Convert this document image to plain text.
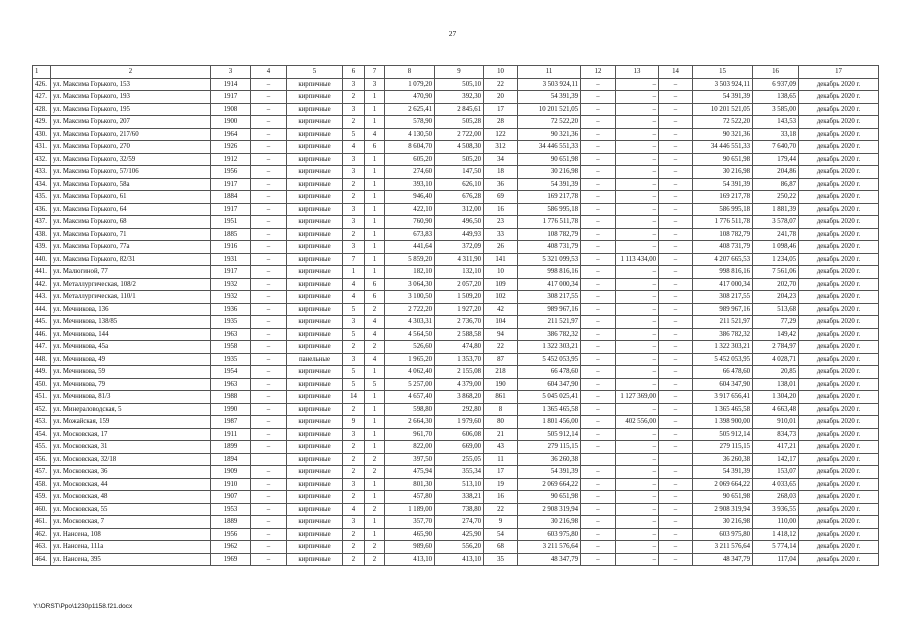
27
1	2	3	4	5	6	7	8	9	10	11	12	13	14	15	16	17
426.	ул. Максима Горького, 153	1914	–	кирпичные	3	3	1 079,20	505,10	22	3 503 924,11	–	–	–	3 503 924,11	6 937,09	декабрь 2020 г.
427.	ул. Максима Горького, 193	1917	–	кирпичные	2	1	470,90	392,30	20	54 391,39	–	–	–	54 391,39	138,65	декабрь 2020 г.
428.	ул. Максима Горького, 195	1908	–	кирпичные	3	1	2 625,41	2 845,61	17	10 201 521,05	–	–	–	10 201 521,05	3 585,00	декабрь 2020 г.
429.	ул. Максима Горького, 207	1900	–	кирпичные	2	1	578,90	505,28	28	72 522,20	–	–	–	72 522,20	143,53	декабрь 2020 г.
430.	ул. Максима Горького, 217/60	1964	–	кирпичные	5	4	4 130,50	2 722,00	122	90 321,36	–	–	–	90 321,36	33,18	декабрь 2020 г.
431.	ул. Максима Горького, 270	1926	–	кирпичные	4	6	8 604,70	4 508,30	312	34 446 551,33	–	–	–	34 446 551,33	7 640,70	декабрь 2020 г.
432.	ул. Максима Горького, 32/59	1912	–	кирпичные	3	1	605,20	505,20	34	90 651,98	–	–	–	90 651,98	179,44	декабрь 2020 г.
433.	ул. Максима Горького, 57/106	1956	–	кирпичные	3	1	274,60	147,50	18	30 216,98	–	–	–	30 216,98	204,86	декабрь 2020 г.
434.	ул. Максима Горького, 58а	1917	–	кирпичные	2	1	393,10	626,10	36	54 391,39	–	–	–	54 391,39	86,87	декабрь 2020 г.
435.	ул. Максима Горького, 61	1884	–	кирпичные	2	1	946,40	676,28	69	169 217,78	–	–	–	169 217,78	250,22	декабрь 2020 г.
436.	ул. Максима Горького, 64	1917	–	кирпичные	3	1	422,10	312,00	16	586 995,18	–	–	–	586 995,18	1 881,39	декабрь 2020 г.
437.	ул. Максима Горького, 68	1951	–	кирпичные	3	1	760,90	496,50	23	1 776 511,78	–	–	–	1 776 511,78	3 578,07	декабрь 2020 г.
438.	ул. Максима Горького, 71	1885	–	кирпичные	2	1	673,83	449,93	33	108 782,79	–	–	–	108 782,79	241,78	декабрь 2020 г.
439.	ул. Максима Горького, 77а	1916	–	кирпичные	3	1	441,64	372,09	26	408 731,79	–	–	–	408 731,79	1 098,46	декабрь 2020 г.
440.	ул. Максима Горького, 82/31	1931	–	кирпичные	7	1	5 859,20	4 311,90	141	5 321 099,53	–	1 113 434,00	–	4 207 665,53	1 234,05	декабрь 2020 г.
441.	ул. Малюгиной, 77	1917	–	кирпичные	1	1	182,10	132,10	10	998 816,16	–	–	–	998 816,16	7 561,06	декабрь 2020 г.
442.	ул. Металлургическая, 108/2	1932	–	кирпичные	4	6	3 064,30	2 057,20	109	417 000,34	–	–	–	417 000,34	202,70	декабрь 2020 г.
443.	ул. Металлургическая, 110/1	1932	–	кирпичные	4	6	3 100,50	1 509,20	102	308 217,55	–	–	–	308 217,55	204,23	декабрь 2020 г.
444.	ул. Мечникова, 136	1936	–	кирпичные	5	2	2 722,20	1 927,20	42	989 967,16	–	–	–	989 967,16	513,68	декабрь 2020 г.
445.	ул. Мечникова, 138/85	1935	–	кирпичные	3	4	4 303,31	2 736,70	104	211 521,97	–	–	–	211 521,97	77,29	декабрь 2020 г.
446.	ул. Мечникова, 144	1963	–	кирпичные	5	4	4 564,50	2 588,58	94	386 782,32	–	–	–	386 782,32	149,42	декабрь 2020 г.
447.	ул. Мечникова, 45а	1958	–	кирпичные	2	2	526,60	474,80	22	1 322 303,21	–	–	–	1 322 303,21	2 784,97	декабрь 2020 г.
448.	ул. Мечникова, 49	1935	–	панельные	3	4	1 965,20	1 353,70	87	5 452 053,95	–	–	–	5 452 053,95	4 028,71	декабрь 2020 г.
449.	ул. Мечникова, 59	1954	–	кирпичные	5	1	4 062,40	2 155,08	218	66 478,60	–	–	–	66 478,60	20,85	декабрь 2020 г.
450.	ул. Мечникова, 79	1963	–	кирпичные	5	5	5 257,00	4 379,00	190	604 347,90	–	–	–	604 347,90	138,01	декабрь 2020 г.
451.	ул. Мечникова, 81/3	1988	–	кирпичные	14	1	4 657,40	3 868,20	861	5 045 025,41	–	1 127 369,00	–	3 917 656,41	1 304,20	декабрь 2020 г.
452.	ул. Минераловодская, 5	1990	–	кирпичные	2	1	598,80	292,80	8	1 365 465,58	–	–	–	1 365 465,58	4 663,48	декабрь 2020 г.
453.	ул. Можайская, 159	1987	–	кирпичные	9	1	2 664,30	1 979,60	80	1 801 456,00	–	402 556,00	–	1 398 900,00	910,01	декабрь 2020 г.
454.	ул. Московская, 17	1911	–	кирпичные	3	1	961,70	606,08	21	505 912,14	–	–	–	505 912,14	834,73	декабрь 2020 г.
455.	ул. Московская, 31	1899	–	кирпичные	2	1	822,00	669,00	43	279 115,15	–	–	–	279 115,15	417,21	декабрь 2020 г.
456.	ул. Московская, 32/18	1894		кирпичные	2	2	397,50	255,05	11	36 260,38		–		36 260,38	142,17	декабрь 2020 г.
457.	ул. Московская, 36	1909	–	кирпичные	2	2	475,94	355,34	17	54 391,39	–	–	–	54 391,39	153,07	декабрь 2020 г.
458.	ул. Московская, 44	1910	–	кирпичные	3	1	801,30	513,10	19	2 069 664,22	–	–	–	2 069 664,22	4 033,65	декабрь 2020 г.
459.	ул. Московская, 48	1907	–	кирпичные	2	1	457,80	338,21	16	90 651,98	–	–	–	90 651,98	268,03	декабрь 2020 г.
460.	ул. Московская, 55	1953	–	кирпичные	4	2	1 189,00	738,80	22	2 908 319,94	–	–	–	2 908 319,94	3 936,55	декабрь 2020 г.
461.	ул. Московская, 7	1889	–	кирпичные	3	1	357,70	274,70	9	30 216,98	–	–	–	30 216,98	110,00	декабрь 2020 г.
462.	ул. Нансена, 108	1956	–	кирпичные	2	1	465,90	425,90	54	603 975,80	–	–	–	603 975,80	1 418,12	декабрь 2020 г.
463.	ул. Нансена, 111а	1962	–	кирпичные	2	2	989,60	556,20	68	3 211 576,64	–	–	–	3 211 576,64	5 774,14	декабрь 2020 г.
464.	ул. Нансена, 395	1969	–	кирпичные	2	2	413,10	413,10	35	48 347,79	–	–	–	48 347,79	117,04	декабрь 2020 г.
Y:\ORST\Ppo\1230p1158.f21.docx
